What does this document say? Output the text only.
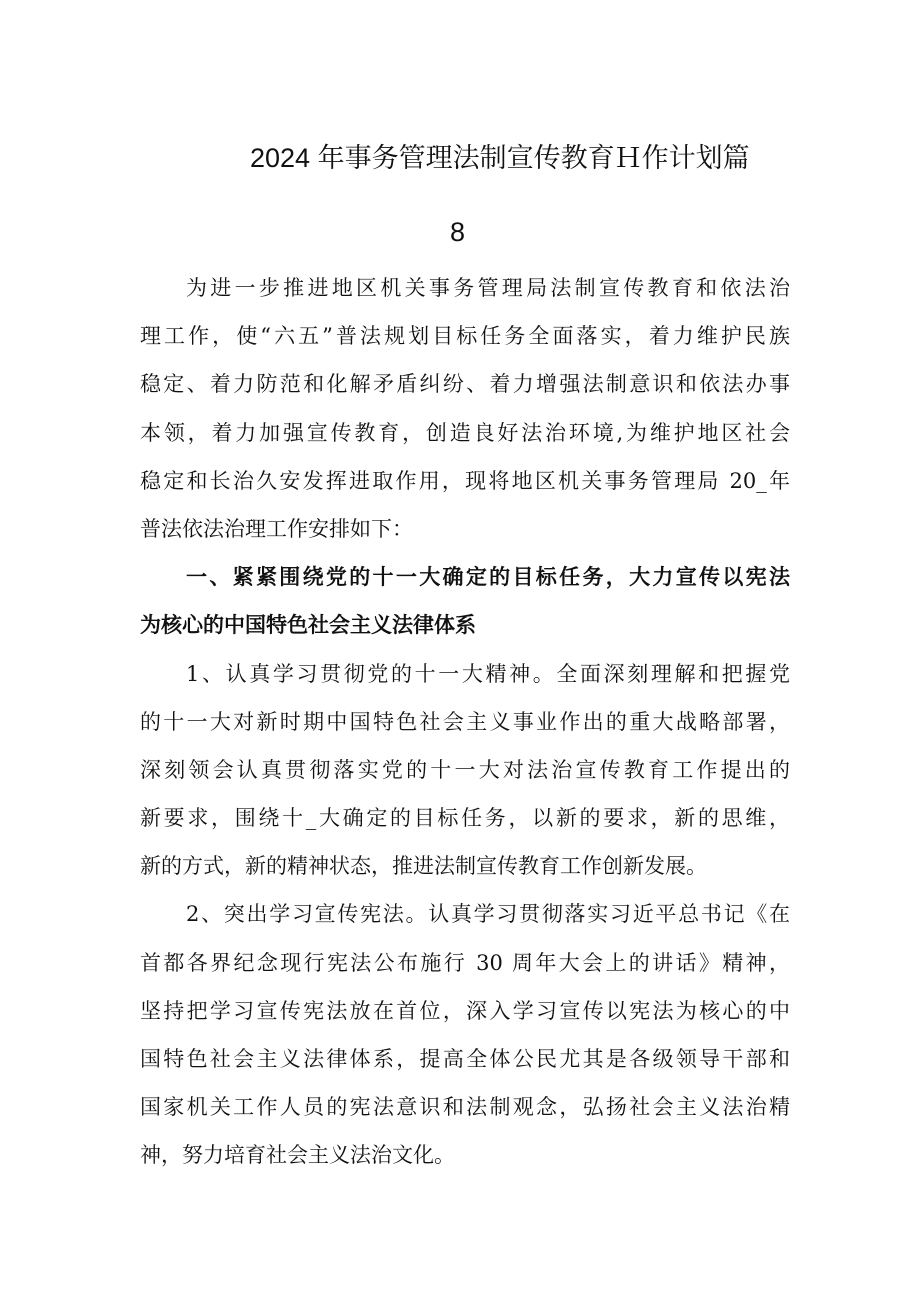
2024 年事务管理法制宣传教育Ｈ作计划篇
8
为进一步推进地区机关事务管理局法制宣传教育和依法治
理工作，使“六五”普法规划目标任务全面落实，着力维护民族
稳定、着力防范和化解矛盾纠纷、着力增强法制意识和依法办事
本领，着力加强宣传教育，创造良好法治环境,为维护地区社会
稳定和长治久安发挥进取作用，现将地区机关事务管理局 20_年
普法依法治理工作安排如下：
一、紧紧围绕党的十一大确定的目标任务，大力宣传以宪法
为核心的中国特色社会主义法律体系
1、认真学习贯彻党的十一大精神。全面深刻理解和把握党
的十一大对新时期中国特色社会主义事业作出的重大战略部署，
深刻领会认真贯彻落实党的十一大对法治宣传教育工作提出的
新要求，围绕十_大确定的目标任务，以新的要求，新的思维，
新的方式，新的精神状态，推进法制宣传教育工作创新发展。
2、突出学习宣传宪法。认真学习贯彻落实习近平总书记《在
首都各界纪念现行宪法公布施行 30 周年大会上的讲话》精神，
坚持把学习宣传宪法放在首位，深入学习宣传以宪法为核心的中
国特色社会主义法律体系，提高全体公民尤其是各级领导干部和
国家机关工作人员的宪法意识和法制观念，弘扬社会主义法治精
神，努力培育社会主义法治文化。
